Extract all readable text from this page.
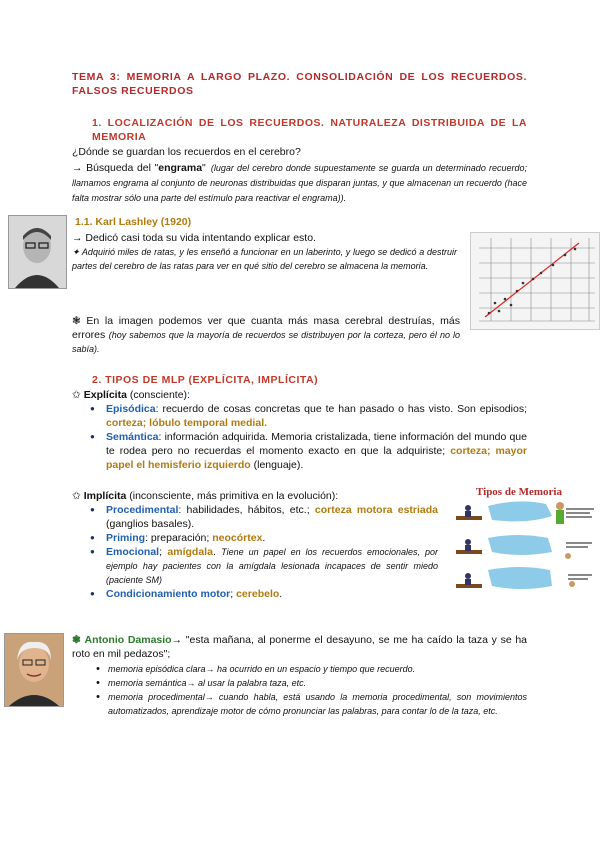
TEMA 3: MEMORIA A LARGO PLAZO. CONSOLIDACIÓN DE LOS RECUERDOS. FALSOS RECUERDOS
1. LOCALIZACIÓN DE LOS RECUERDOS. NATURALEZA DISTRIBUIDA DE LA MEMORIA
¿Dónde se guardan los recuerdos en el cerebro?
→ Búsqueda del "engrama" (lugar del cerebro donde supuestamente se guarda un determinado recuerdo; llamamos engrama al conjunto de neuronas distribuidas que disparan juntas, y que almacenan un recuerdo (hace falta mostrar sólo una parte del estímulo para reactivar el engrama)).
1.1. Karl Lashley (1920)
→ Dedicó casi toda su vida intentando explicar esto.
✦ Adquirió miles de ratas, y les enseñó a funcionar en un laberinto, y luego se dedicó a destruir partes del cerebro de las ratas para ver en qué sitio del cerebro se almacena la memoria.
❃ En la imagen podemos ver que cuanta más masa cerebral destruías, más errores (hoy sabemos que la mayoría de recuerdos se distribuyen por la corteza, pero él no lo sabía).
2. TIPOS DE MLP (EXPLÍCITA, IMPLÍCITA)
✩ Explícita (consciente):
● Episódica: recuerdo de cosas concretas que te han pasado o has visto. Son episodios; corteza; lóbulo temporal medial.
● Semántica: información adquirida. Memoria cristalizada, tiene información del mundo que te rodea pero no recuerdas el momento exacto en que la adquiriste; corteza; mayor papel el hemisferio izquierdo (lenguaje).
✩ Implícita (inconsciente, más primitiva en la evolución):
● Procedimental: habilidades, hábitos, etc.; corteza motora estriada (ganglios basales).
● Priming: preparación; neocórtex.
● Emocional; amígdala. Tiene un papel en los recuerdos emocionales, por ejemplo hay pacientes con la amígdala lesionada incapaces de sentir miedo (paciente SM)
● Condicionamiento motor; cerebelo.
Tipos de Memoria
❃ Antonio Damasio→ "esta mañana, al ponerme el desayuno, se me ha caído la taza y se ha roto en mil pedazos";
• memoria episódica clara→ ha ocurrido en un espacio y tiempo que recuerdo.
• memoria semántica→ al usar la palabra taza, etc.
• memoria procedimental→ cuando habla, está usando la memoria procedimental, son movimientos automatizados, aprendizaje motor de cómo pronunciar las palabras, para contar lo de la taza, etc.
